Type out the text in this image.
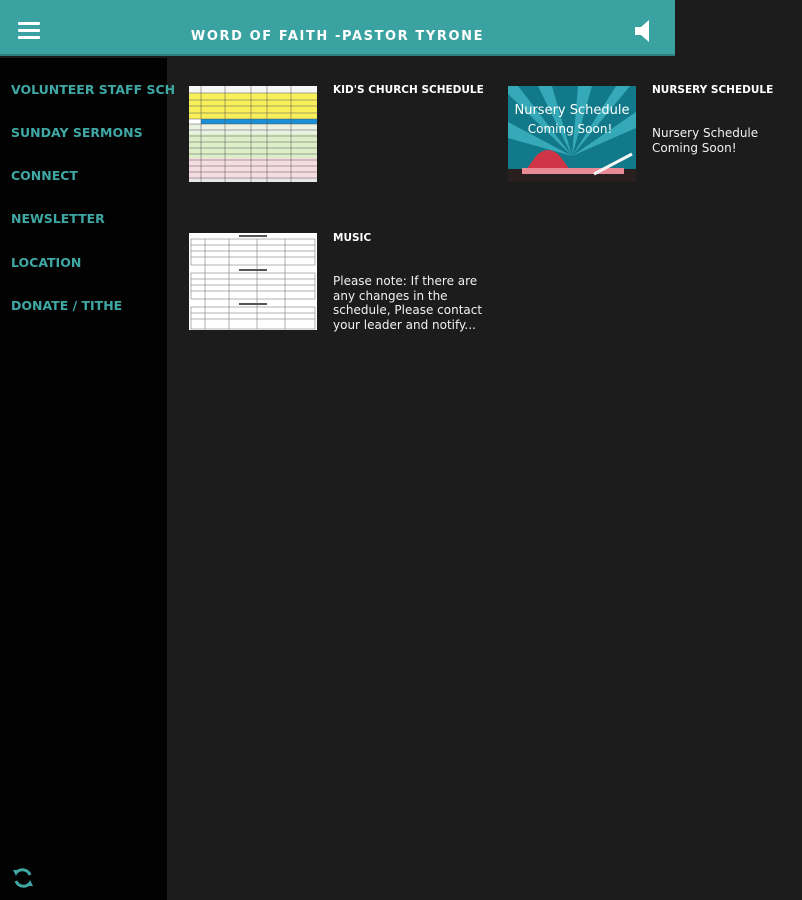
WORD OF FAITH -PASTOR TYRONE
VOLUNTEER STAFF SCH
SUNDAY SERMONS
CONNECT
NEWSLETTER
LOCATION
DONATE / TITHE
KID'S CHURCH SCHEDULE
Nursery Schedule
Coming Soon!
NURSERY SCHEDULE
Nursery Schedule Coming Soon!
MUSIC
Please note: If there are any changes in the schedule, Please contact your leader and notify...
